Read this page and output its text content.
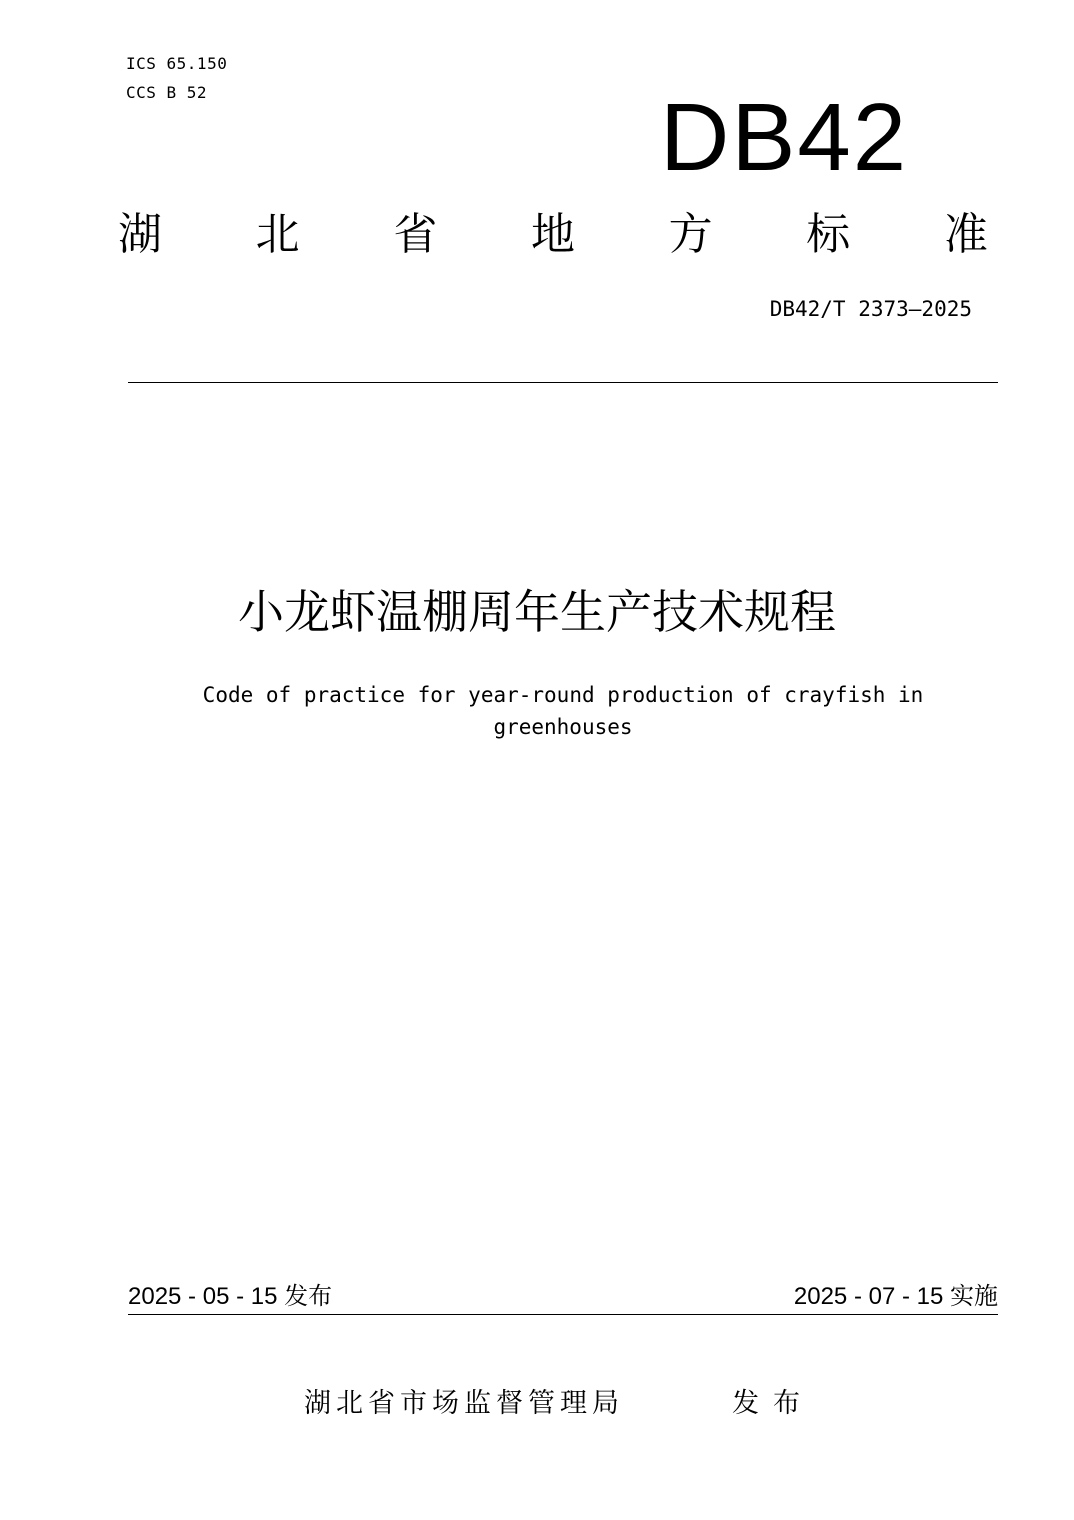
ICS 65.150
CCS B 52	DB42
湖 北 省 地 方 标 准
DB42/T 2373—2025
小龙虾温棚周年生产技术规程
Code of practice for year-round production of crayfish in
greenhouses
2025 - 05 - 15 发布	2025 - 07 - 15 实施
湖北省市场监督管理局	发布
